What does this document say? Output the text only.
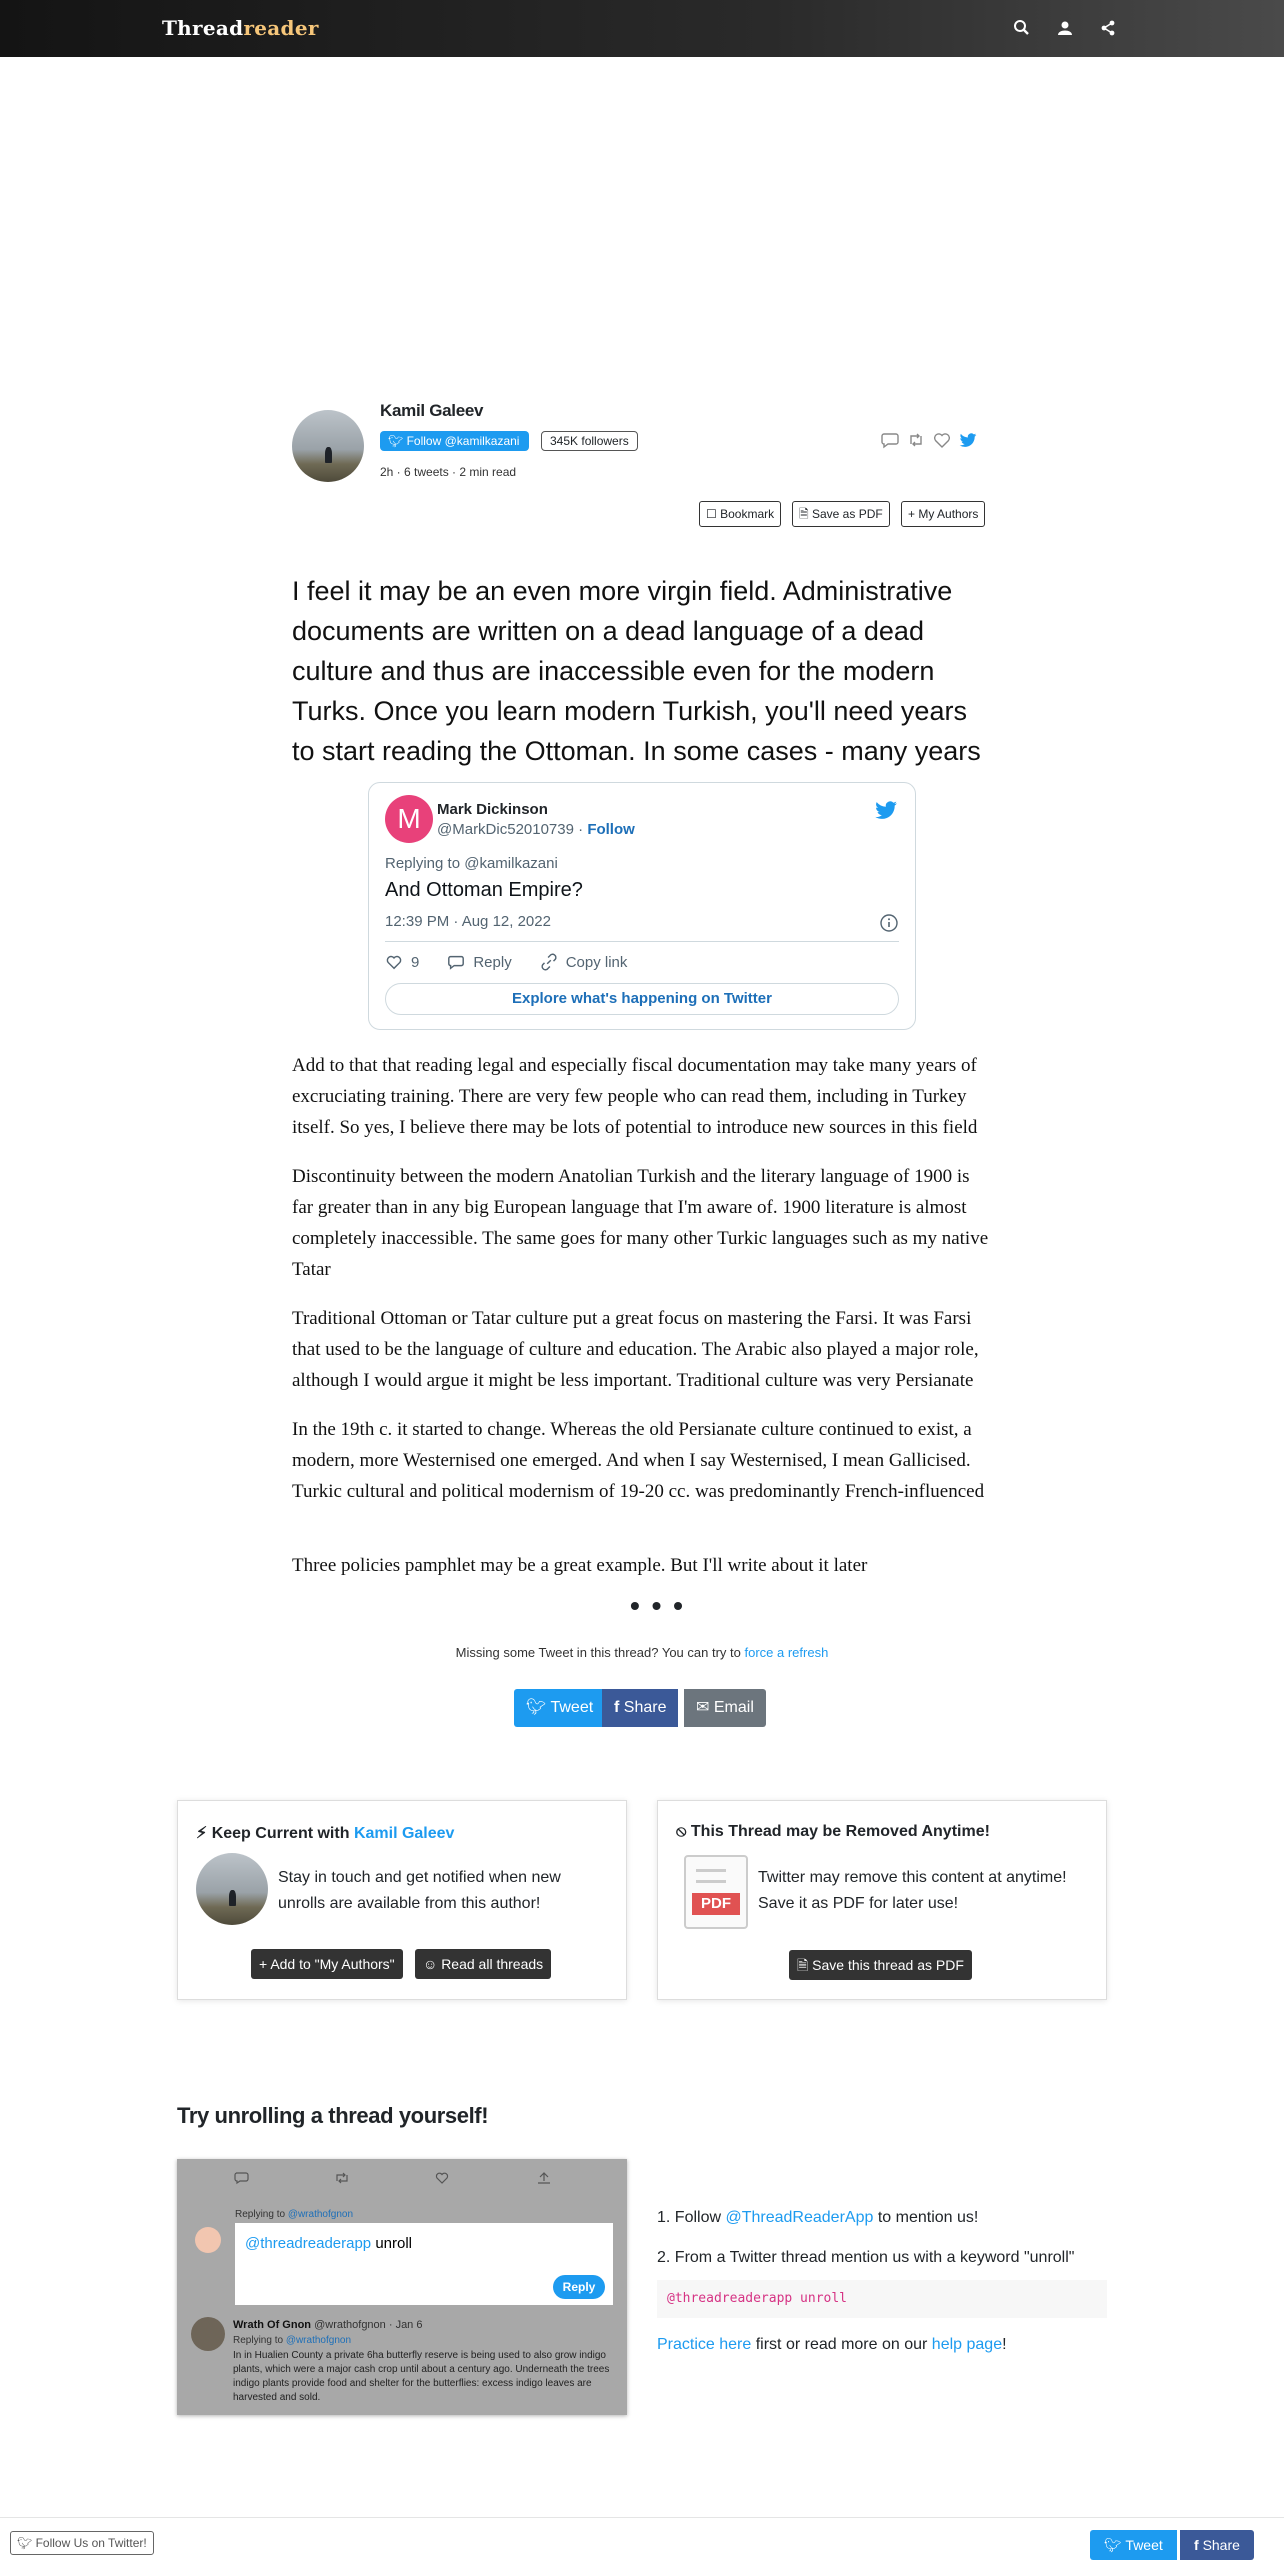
Threadreader
Kamil Galeev
🐦︎ Follow @kamilkazani	345K followers
2h · 6 tweets · 2 min read
☐ Bookmark	🗎︎ Save as PDF	+ My Authors
I feel it may be an even more virgin field. Administrative documents are written on a dead language of a dead culture and thus are inaccessible even for the modern Turks. Once you learn modern Turkish, you'll need years to start reading the Ottoman. In some cases - many years
M	Mark Dickinson
@MarkDic52010739 · Follow
Replying to @kamilkazani
And Ottoman Empire?
12:39 PM · Aug 12, 2022
9	Reply	Copy link
Explore what's happening on Twitter
Add to that that reading legal and especially fiscal documentation may take many years of excruciating training. There are very few people who can read them, including in Turkey itself. So yes, I believe there may be lots of potential to introduce new sources in this field
Discontinuity between the modern Anatolian Turkish and the literary language of 1900 is far greater than in any big European language that I'm aware of. 1900 literature is almost completely inaccessible. The same goes for many other Turkic languages such as my native Tatar
Traditional Ottoman or Tatar culture put a great focus on mastering the Farsi. It was Farsi that used to be the language of culture and education. The Arabic also played a major role, although I would argue it might be less important. Traditional culture was very Persianate
In the 19th c. it started to change. Whereas the old Persianate culture continued to exist, a modern, more Westernised one emerged. And when I say Westernised, I mean Gallicised. Turkic cultural and political modernism of 19-20 cc. was predominantly French-influenced
Three policies pamphlet may be a great example. But I'll write about it later
• • •
Missing some Tweet in this thread? You can try to force a refresh
🐦︎ Tweet	f Share	✉ Email
⚡︎ Keep Current with Kamil Galeev
Stay in touch and get notified when new unrolls are available from this author!
+ Add to "My Authors"	☺ Read all threads
⦸ This Thread may be Removed Anytime!
PDF
Twitter may remove this content at anytime! Save it as PDF for later use!
🗎︎ Save this thread as PDF
Try unrolling a thread yourself!
Replying to @wrathofgnon
@threadreaderapp unroll
Reply
Wrath Of Gnon @wrathofgnon · Jan 6
Replying to @wrathofgnon
In in Hualien County a private 6ha butterfly reserve is being used to also grow indigo plants, which were a major cash crop until about a century ago. Underneath the trees indigo plants provide food and shelter for the butterflies: excess indigo leaves are harvested and sold.
1. Follow @ThreadReaderApp to mention us!
2. From a Twitter thread mention us with a keyword "unroll"
@threadreaderapp unroll
Practice here first or read more on our help page!
🐦︎ Follow Us on Twitter!	🐦︎ Tweet	f Share
